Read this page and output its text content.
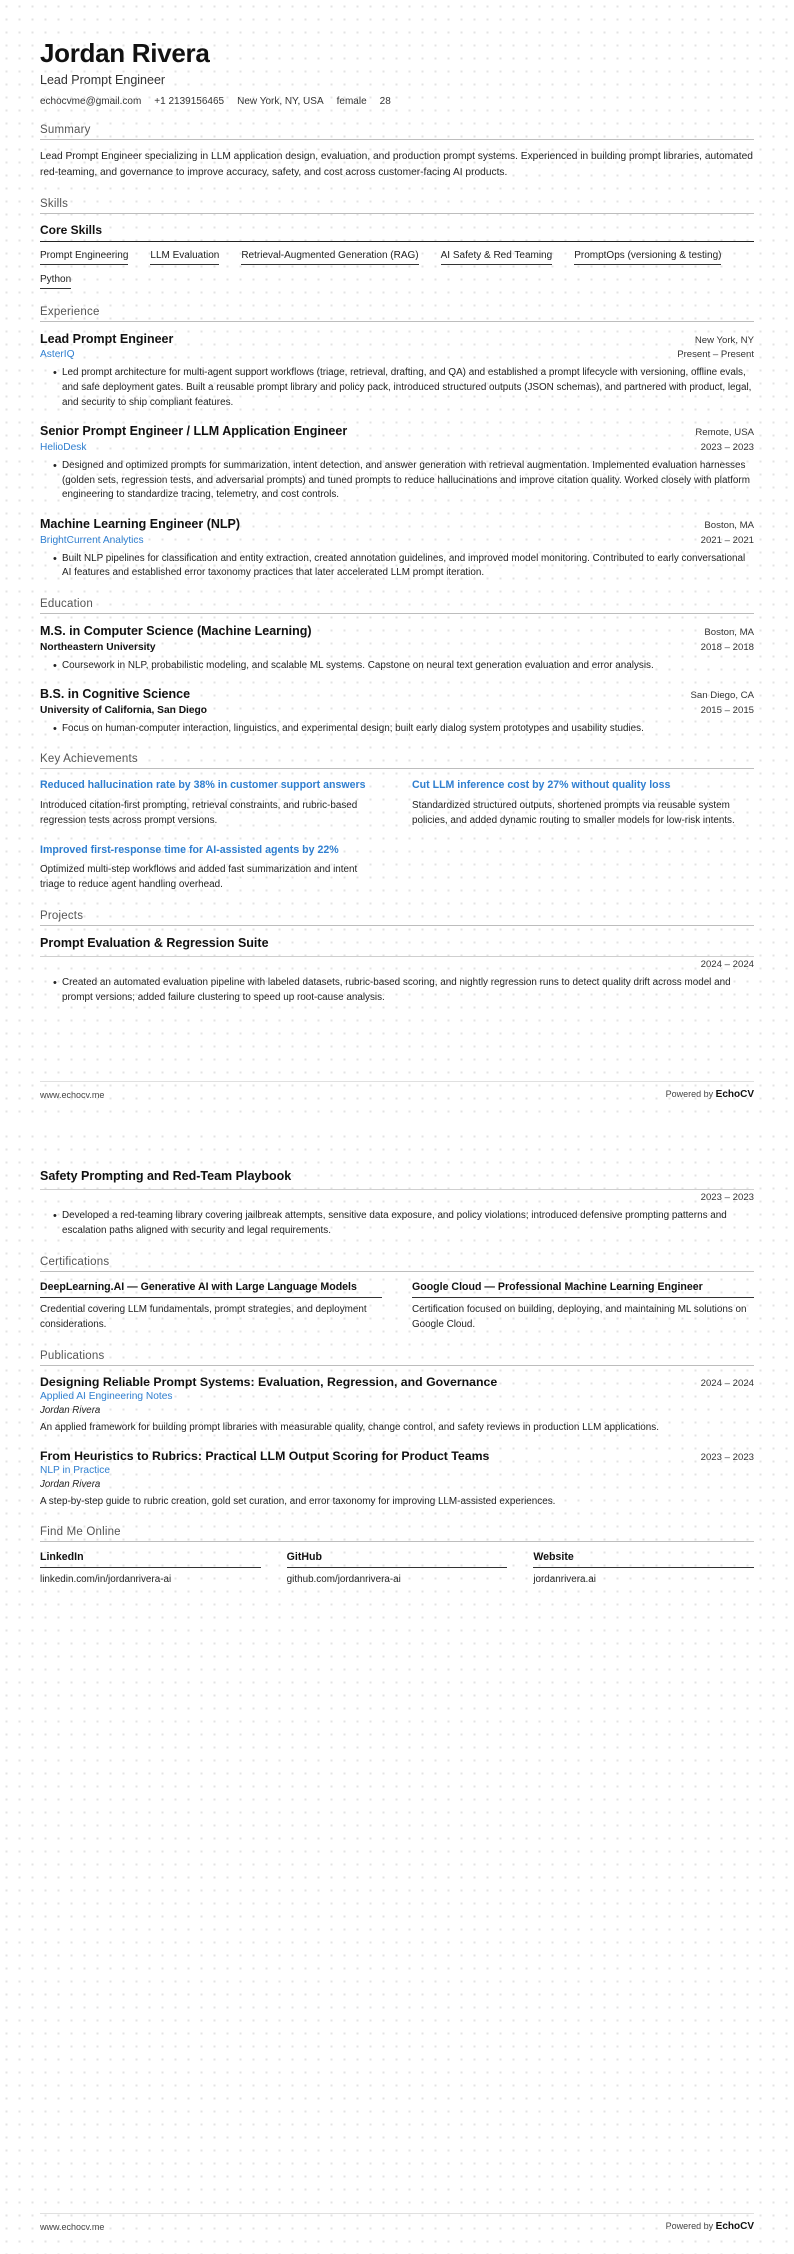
Jordan Rivera
Lead Prompt Engineer
echocvme@gmail.com +1 2139156465 New York, NY, USA female 28
Summary
Lead Prompt Engineer specializing in LLM application design, evaluation, and production prompt systems. Experienced in building prompt libraries, automated red-teaming, and governance to improve accuracy, safety, and cost across customer-facing AI products.
Skills
Core Skills
Prompt Engineering LLM Evaluation Retrieval-Augmented Generation (RAG) AI Safety & Red Teaming PromptOps (versioning & testing)
Python
Experience
Lead Prompt Engineer	New York, NY
AsterIQ	Present – Present
• Led prompt architecture for multi-agent support workflows (triage, retrieval, drafting, and QA) and established a prompt lifecycle with versioning, offline evals, and safe deployment gates. Built a reusable prompt library and policy pack, introduced structured outputs (JSON schemas), and partnered with product, legal, and security to ship compliant features.
Senior Prompt Engineer / LLM Application Engineer	Remote, USA
HelioDesk	2023 – 2023
• Designed and optimized prompts for summarization, intent detection, and answer generation with retrieval augmentation. Implemented evaluation harnesses (golden sets, regression tests, and adversarial prompts) and tuned prompts to reduce hallucinations and improve citation quality. Worked closely with platform engineering to standardize tracing, telemetry, and cost controls.
Machine Learning Engineer (NLP)	Boston, MA
BrightCurrent Analytics	2021 – 2021
• Built NLP pipelines for classification and entity extraction, created annotation guidelines, and improved model monitoring. Contributed to early conversational AI features and established error taxonomy practices that later accelerated LLM prompt iteration.
Education
M.S. in Computer Science (Machine Learning)	Boston, MA
Northeastern University	2018 – 2018
• Coursework in NLP, probabilistic modeling, and scalable ML systems. Capstone on neural text generation evaluation and error analysis.
B.S. in Cognitive Science	San Diego, CA
University of California, San Diego	2015 – 2015
• Focus on human-computer interaction, linguistics, and experimental design; built early dialog system prototypes and usability studies.
Key Achievements
Reduced hallucination rate by 38% in customer support answers
Introduced citation-first prompting, retrieval constraints, and rubric-based regression tests across prompt versions.
Cut LLM inference cost by 27% without quality loss
Standardized structured outputs, shortened prompts via reusable system policies, and added dynamic routing to smaller models for low-risk intents.
Improved first-response time for AI-assisted agents by 22%
Optimized multi-step workflows and added fast summarization and intent triage to reduce agent handling overhead.
Projects
Prompt Evaluation & Regression Suite
2024 – 2024
• Created an automated evaluation pipeline with labeled datasets, rubric-based scoring, and nightly regression runs to detect quality drift across model and prompt versions; added failure clustering to speed up root-cause analysis.
www.echocv.me	Powered by EchoCV
Safety Prompting and Red-Team Playbook
2023 – 2023
• Developed a red-teaming library covering jailbreak attempts, sensitive data exposure, and policy violations; introduced defensive prompting patterns and escalation paths aligned with security and legal requirements.
Certifications
DeepLearning.AI — Generative AI with Large Language Models
Credential covering LLM fundamentals, prompt strategies, and deployment considerations.
Google Cloud — Professional Machine Learning Engineer
Certification focused on building, deploying, and maintaining ML solutions on Google Cloud.
Publications
Designing Reliable Prompt Systems: Evaluation, Regression, and Governance	2024 – 2024
Applied AI Engineering Notes
Jordan Rivera
An applied framework for building prompt libraries with measurable quality, change control, and safety reviews in production LLM applications.
From Heuristics to Rubrics: Practical LLM Output Scoring for Product Teams	2023 – 2023
NLP in Practice
Jordan Rivera
A step-by-step guide to rubric creation, gold set curation, and error taxonomy for improving LLM-assisted experiences.
Find Me Online
LinkedIn
linkedin.com/in/jordanrivera-ai
GitHub
github.com/jordanrivera-ai
Website
jordanrivera.ai
www.echocv.me	Powered by EchoCV
